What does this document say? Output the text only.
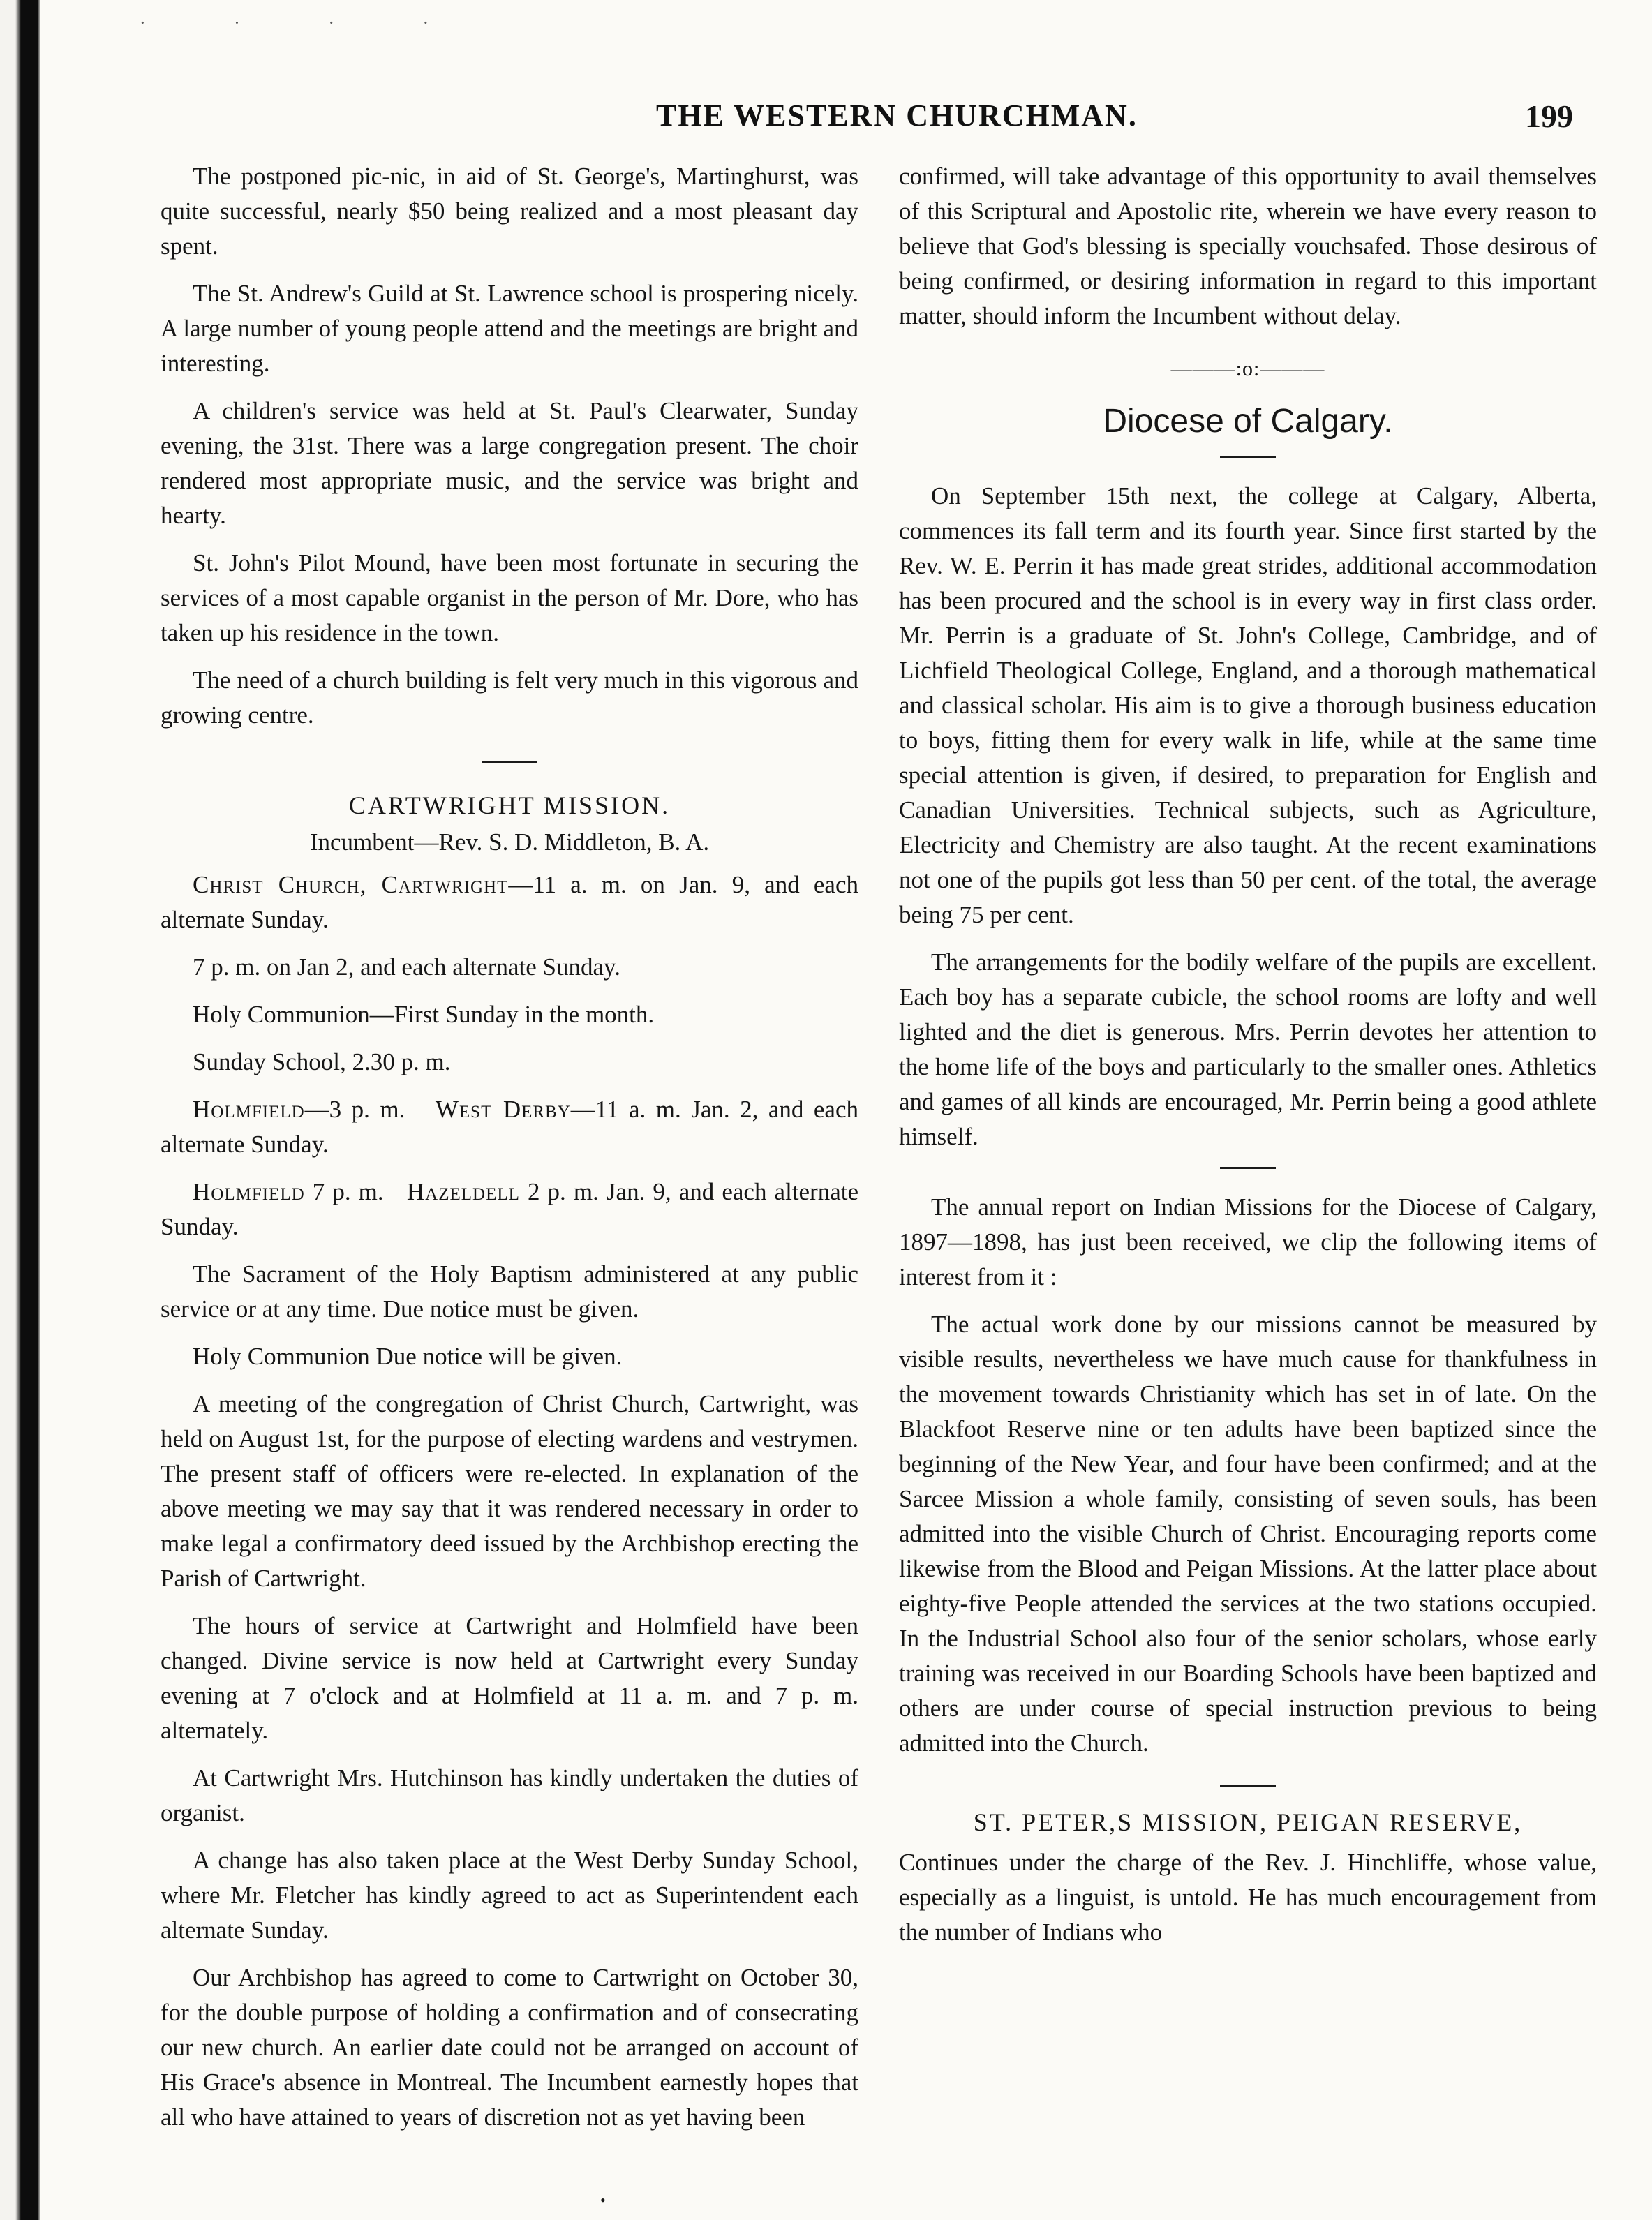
· · · ·
THE WESTERN CHURCHMAN.	199

The postponed pic-nic, in aid of St. George's, Martinghurst, was quite successful, nearly $50 being realized and a most pleasant day spent.

The St. Andrew's Guild at St. Lawrence school is prospering nicely. A large number of young people attend and the meetings are bright and interesting.

A children's service was held at St. Paul's Clearwater, Sunday evening, the 31st. There was a large congregation present. The choir rendered most appropriate music, and the service was bright and hearty.

St. John's Pilot Mound, have been most fortunate in securing the services of a most capable organist in the person of Mr. Dore, who has taken up his residence in the town.

The need of a church building is felt very much in this vigorous and growing centre.

CARTWRIGHT MISSION.
Incumbent—Rev. S. D. Middleton, B. A.

Christ Church, Cartwright—11 a. m. on Jan. 9, and each alternate Sunday.

7 p. m. on Jan 2, and each alternate Sunday.

Holy Communion—First Sunday in the month.

Sunday School, 2.30 p. m.

Holmfield—3 p. m. West Derby—11 a. m. Jan. 2, and each alternate Sunday.

Holmfield 7 p. m. Hazeldell 2 p. m. Jan. 9, and each alternate Sunday.

The Sacrament of the Holy Baptism administered at any public service or at any time. Due notice must be given.

Holy Communion Due notice will be given.

A meeting of the congregation of Christ Church, Cartwright, was held on August 1st, for the purpose of electing wardens and vestrymen. The present staff of officers were re-elected. In explanation of the above meeting we may say that it was rendered necessary in order to make legal a confirmatory deed issued by the Archbishop erecting the Parish of Cartwright.

The hours of service at Cartwright and Holmfield have been changed. Divine service is now held at Cartwright every Sunday evening at 7 o'clock and at Holmfield at 11 a. m. and 7 p. m. alternately.

At Cartwright Mrs. Hutchinson has kindly undertaken the duties of organist.

A change has also taken place at the West Derby Sunday School, where Mr. Fletcher has kindly agreed to act as Superintendent each alternate Sunday.

Our Archbishop has agreed to come to Cartwright on October 30, for the double purpose of holding a confirmation and of consecrating our new church. An earlier date could not be arranged on account of His Grace's absence in Montreal. The Incumbent earnestly hopes that all who have attained to years of discretion not as yet having been

confirmed, will take advantage of this opportunity to avail themselves of this Scriptural and Apostolic rite, wherein we have every reason to believe that God's blessing is specially vouchsafed. Those desirous of being confirmed, or desiring information in regard to this important matter, should inform the Incumbent without delay.

———:o:———
Diocese of Calgary.

On September 15th next, the college at Calgary, Alberta, commences its fall term and its fourth year. Since first started by the Rev. W. E. Perrin it has made great strides, additional accommodation has been procured and the school is in every way in first class order. Mr. Perrin is a graduate of St. John's College, Cambridge, and of Lichfield Theological College, England, and a thorough mathematical and classical scholar. His aim is to give a thorough business education to boys, fitting them for every walk in life, while at the same time special attention is given, if desired, to preparation for English and Canadian Universities. Technical subjects, such as Agriculture, Electricity and Chemistry are also taught. At the recent examinations not one of the pupils got less than 50 per cent. of the total, the average being 75 per cent.

The arrangements for the bodily welfare of the pupils are excellent. Each boy has a separate cubicle, the school rooms are lofty and well lighted and the diet is generous. Mrs. Perrin devotes her attention to the home life of the boys and particularly to the smaller ones. Athletics and games of all kinds are encouraged, Mr. Perrin being a good athlete himself.

The annual report on Indian Missions for the Diocese of Calgary, 1897—1898, has just been received, we clip the following items of interest from it :

The actual work done by our missions cannot be measured by visible results, nevertheless we have much cause for thankfulness in the movement towards Christianity which has set in of late. On the Blackfoot Reserve nine or ten adults have been baptized since the beginning of the New Year, and four have been confirmed; and at the Sarcee Mission a whole family, consisting of seven souls, has been admitted into the visible Church of Christ. Encouraging reports come likewise from the Blood and Peigan Missions. At the latter place about eighty-five People attended the services at the two stations occupied. In the Industrial School also four of the senior scholars, whose early training was received in our Boarding Schools have been baptized and others are under course of special instruction previous to being admitted into the Church.

ST. PETER,S MISSION, PEIGAN RESERVE,

Continues under the charge of the Rev. J. Hinchliffe, whose value, especially as a linguist, is untold. He has much encouragement from the number of Indians who

•
